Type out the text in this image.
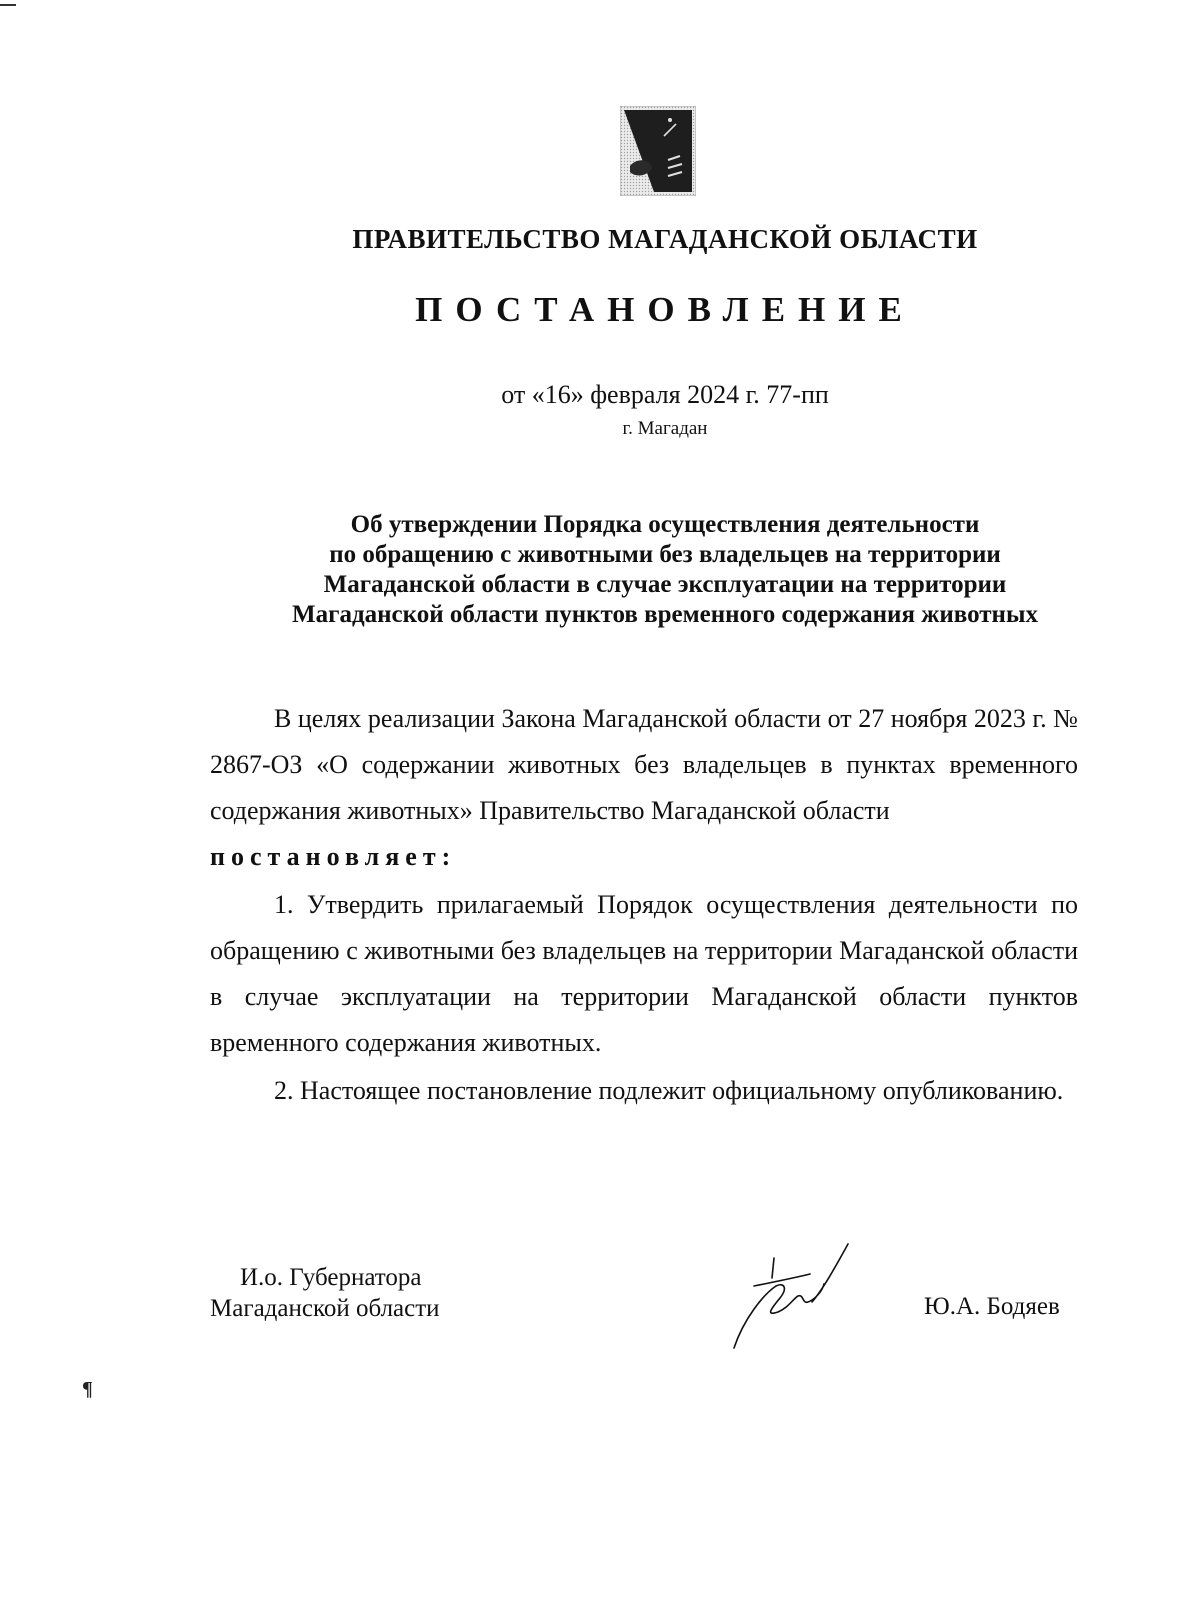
ПРАВИТЕЛЬСТВО МАГАДАНСКОЙ ОБЛАСТИ
ПОСТАНОВЛЕНИЕ
от «16» февраля 2024 г. 77-пп
г. Магадан
Об утверждении Порядка осуществления деятельности
по обращению с животными без владельцев на территории
Магаданской области в случае эксплуатации на территории
Магаданской области пунктов временного содержания животных

В целях реализации Закона Магаданской области от 27 ноября 2023 г. № 2867-ОЗ «О содержании животных без владельцев в пунктах временного содержания животных» Правительство Магаданской области

постановляет:

1. Утвердить прилагаемый Порядок осуществления деятельности по обращению с животными без владельцев на территории Магаданской области в случае эксплуатации на территории Магаданской области пунктов временного содержания животных.

2. Настоящее постановление подлежит официальному опубликованию.

И.о. Губернатора
Магаданской области	Ю.А. Бодяев
¶
